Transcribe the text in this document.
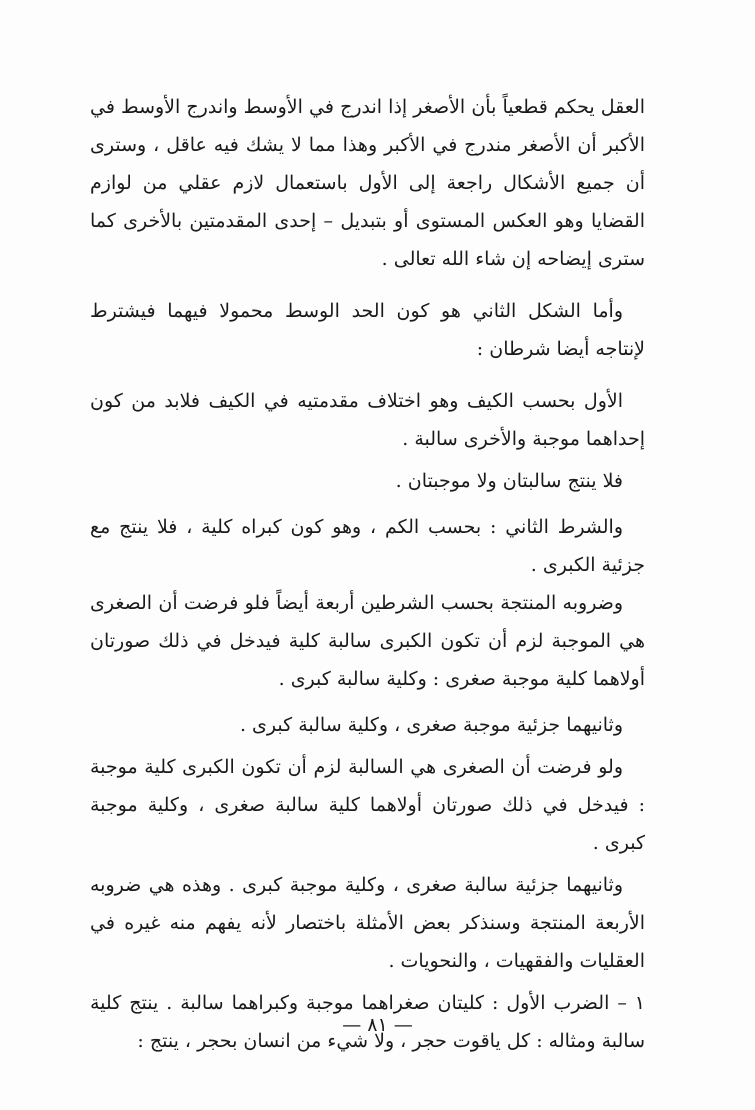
العقل يحكم قطعياً بأن الأصغر إذا اندرج في الأوسط واندرج الأوسط في الأكبر أن الأصغر مندرج في الأكبر وهذا مما لا يشك فيه عاقل ، وسترى أن جميع الأشكال راجعة إلى الأول باستعمال لازم عقلي من لوازم القضايا وهو العكس المستوى أو بتبديل – إحدى المقدمتين بالأخرى كما سترى إيضاحه إن شاء الله تعالى .

وأما الشكل الثاني هو كون الحد الوسط محمولا فيهما فيشترط لإنتاجه أيضا شرطان :

الأول بحسب الكيف وهو اختلاف مقدمتيه في الكيف فلابد من كون إحداهما موجبة والأخرى سالبة .

فلا ينتج سالبتان ولا موجبتان .

والشرط الثاني : بحسب الكم ، وهو كون كبراه كلية ، فلا ينتج مع جزئية الكبرى .

وضروبه المنتجة بحسب الشرطين أربعة أيضاً فلو فرضت أن الصغرى هي الموجبة لزم أن تكون الكبرى سالبة كلية فيدخل في ذلك صورتان أولاهما كلية موجبة صغرى : وكلية سالبة كبرى .

وثانيهما جزئية موجبة صغرى ، وكلية سالبة كبرى .

ولو فرضت أن الصغرى هي السالبة لزم أن تكون الكبرى كلية موجبة : فيدخل في ذلك صورتان أولاهما كلية سالبة صغرى ، وكلية موجبة كبرى .

وثانيهما جزئية سالبة صغرى ، وكلية موجبة كبرى . وهذه هي ضروبه الأربعة المنتجة وسنذكر بعض الأمثلة باختصار لأنه يفهم منه غيره في العقليات والفقهيات ، والنحويات .

١ – الضرب الأول : كليتان صغراهما موجبة وكبراهما سالبة . ينتج كلية سالبة ومثاله : كل ياقوت حجر ، ولا شيء من انسان بحجر ، ينتج :

— ٨١ —
